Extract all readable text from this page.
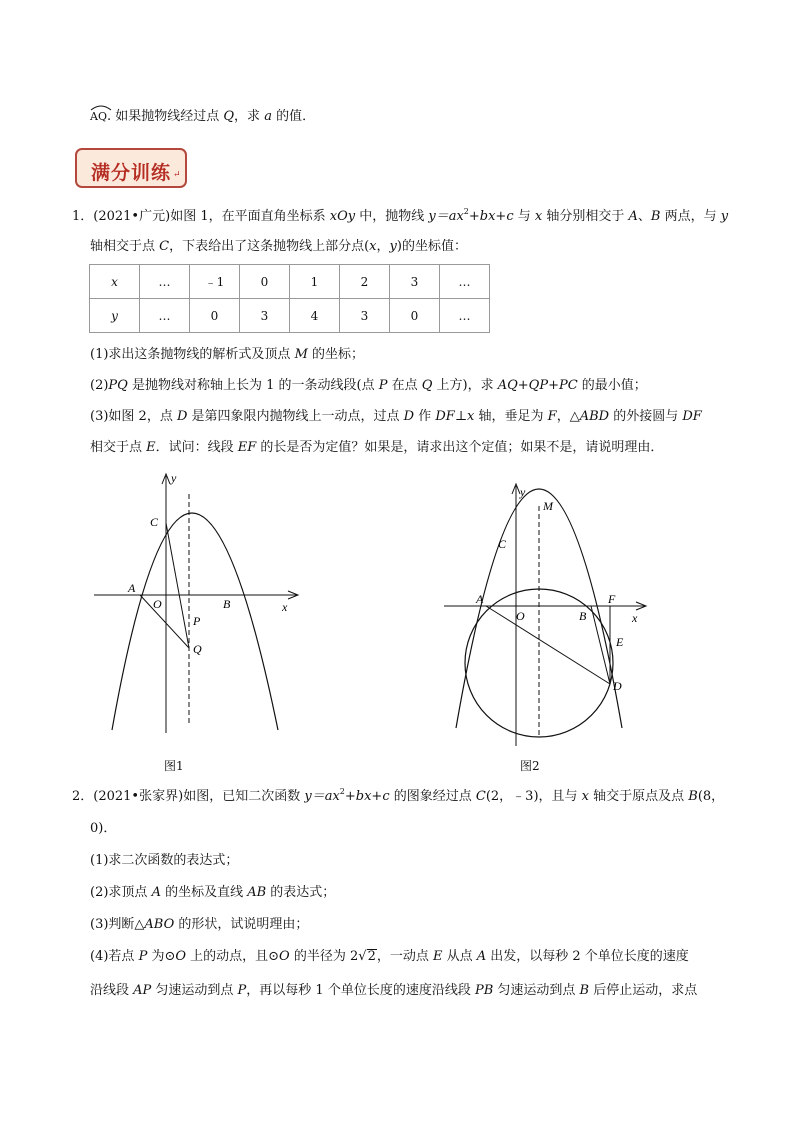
AQ. 如果抛物线经过点 Q，求 a 的值．
满分训练 ↵
1．(2021•广元)如图 1，在平面直角坐标系 xOy 中，抛物线 $y=ax^2+bx+c$ 与 x 轴分别相交于 A、B 两点，与 y
轴相交于点 C，下表给出了这条抛物线上部分点(x，y)的坐标值：
x	…	﹣1	0	1	2	3	…
y	…	0	3	4	3	0	…
(1)求出这条抛物线的解析式及顶点 M 的坐标；
(2)PQ 是抛物线对称轴上长为 1 的一条动线段(点 P 在点 Q 上方)，求 AQ+QP+PC 的最小值；
(3)如图 2，点 D 是第四象限内抛物线上一动点，过点 D 作 DF⊥x 轴，垂足为 F，△ABD 的外接圆与 DF
相交于点 E．试问：线段 EF 的长是否为定值？如果是，请求出这个定值；如果不是，请说明理由．
y
C
A
O	B	x
P
Q
图1
y
M
C
A
O	B
F
x
E
D
图2
2．(2021•张家界)如图，已知二次函数 $y=ax^2+bx+c$ 的图象经过点 C(2，﹣3)，且与 x 轴交于原点及点 B(8，
0)．
(1)求二次函数的表达式；
(2)求顶点 A 的坐标及直线 AB 的表达式；
(3)判断△ABO 的形状，试说明理由；
(4)若点 P 为⊙O 上的动点，且⊙O 的半径为 2√2，一动点 E 从点 A 出发，以每秒 2 个单位长度的速度
沿线段 AP 匀速运动到点 P，再以每秒 1 个单位长度的速度沿线段 PB 匀速运动到点 B 后停止运动，求点
